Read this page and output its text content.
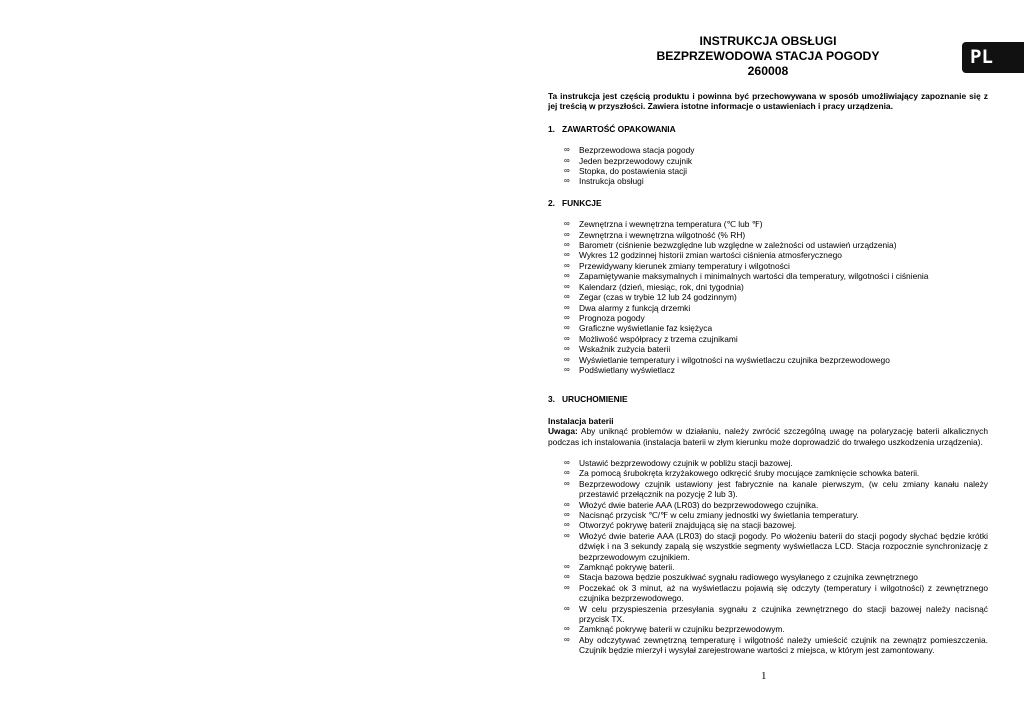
PL
INSTRUKCJA OBSŁUGI
BEZPRZEWODOWA STACJA POGODY
260008
Ta instrukcja jest częścią produktu i powinna być przechowywana w sposób umożliwiający zapoznanie się z jej treścią w przyszłości. Zawiera istotne informacje o ustawieniach i pracy urządzenia.
1. ZAWARTOŚĆ OPAKOWANIA
∞ Bezprzewodowa stacja pogody
∞ Jeden bezprzewodowy czujnik
∞ Stopka, do postawienia stacji
∞ Instrukcja obsługi
2. FUNKCJE
∞ Zewnętrzna i wewnętrzna temperatura (℃ lub ℉)
∞ Zewnętrzna i wewnętrzna wilgotność (% RH)
∞ Barometr (ciśnienie bezwzględne lub względne w zależności od ustawień urządzenia)
∞ Wykres 12 godzinnej historii zmian wartości ciśnienia atmosferycznego
∞ Przewidywany kierunek zmiany temperatury i wilgotności
∞ Zapamiętywanie maksymalnych i minimalnych wartości dla temperatury, wilgotności i ciśnienia
∞ Kalendarz (dzień, miesiąc, rok, dni tygodnia)
∞ Zegar (czas w trybie 12 lub 24 godzinnym)
∞ Dwa alarmy z funkcją drzemki
∞ Prognoza pogody
∞ Graficzne wyświetlanie faz księżyca
∞ Możliwość współpracy z trzema czujnikami
∞ Wskaźnik zużycia baterii
∞ Wyświetlanie temperatury i wilgotności na wyświetlaczu czujnika bezprzewodowego
∞ Podświetlany wyświetlacz
3. URUCHOMIENIE
Instalacja baterii
Uwaga: Aby uniknąć problemów w działaniu, należy zwrócić szczególną uwagę na polaryzację baterii alkalicznych podczas ich instalowania (instalacja baterii w złym kierunku może doprowadzić do trwałego uszkodzenia urządzenia).
∞ Ustawić bezprzewodowy czujnik w pobliżu stacji bazowej.
∞ Za pomocą śrubokręta krzyżakowego odkręcić śruby mocujące zamknięcie schowka baterii.
∞ Bezprzewodowy czujnik ustawiony jest fabrycznie na kanale pierwszym, (w celu zmiany kanału należy przestawić przełącznik na pozycję 2 lub 3).
∞ Włożyć dwie baterie AAA (LR03) do bezprzewodowego czujnika.
∞ Nacisnąć przycisk ℃/℉ w celu zmiany jednostki wy świetlania temperatury.
∞ Otworzyć pokrywę baterii znajdującą się na stacji bazowej.
∞ Włożyć dwie baterie AAA (LR03) do stacji pogody. Po włożeniu baterii do stacji pogody słychać będzie krótki dźwięk i na 3 sekundy zapalą się wszystkie segmenty wyświetlacza LCD. Stacja rozpocznie synchronizację z bezprzewodowym czujnikiem.
∞ Zamknąć pokrywę baterii.
∞ Stacja bazowa będzie poszukiwać sygnału radiowego wysyłanego z czujnika zewnętrznego
∞ Poczekać ok 3 minut, aż na wyświetlaczu pojawią się odczyty (temperatury i wilgotności) z zewnętrznego czujnika bezprzewodowego.
∞ W celu przyspieszenia przesyłania sygnału z czujnika zewnętrznego do stacji bazowej należy nacisnąć przycisk TX.
∞ Zamknąć pokrywę baterii w czujniku bezprzewodowym.
∞ Aby odczytywać zewnętrzną temperaturę i wilgotność należy umieścić czujnik na zewnątrz pomieszczenia. Czujnik będzie mierzył i wysyłał zarejestrowane wartości z miejsca, w którym jest zamontowany.
1
